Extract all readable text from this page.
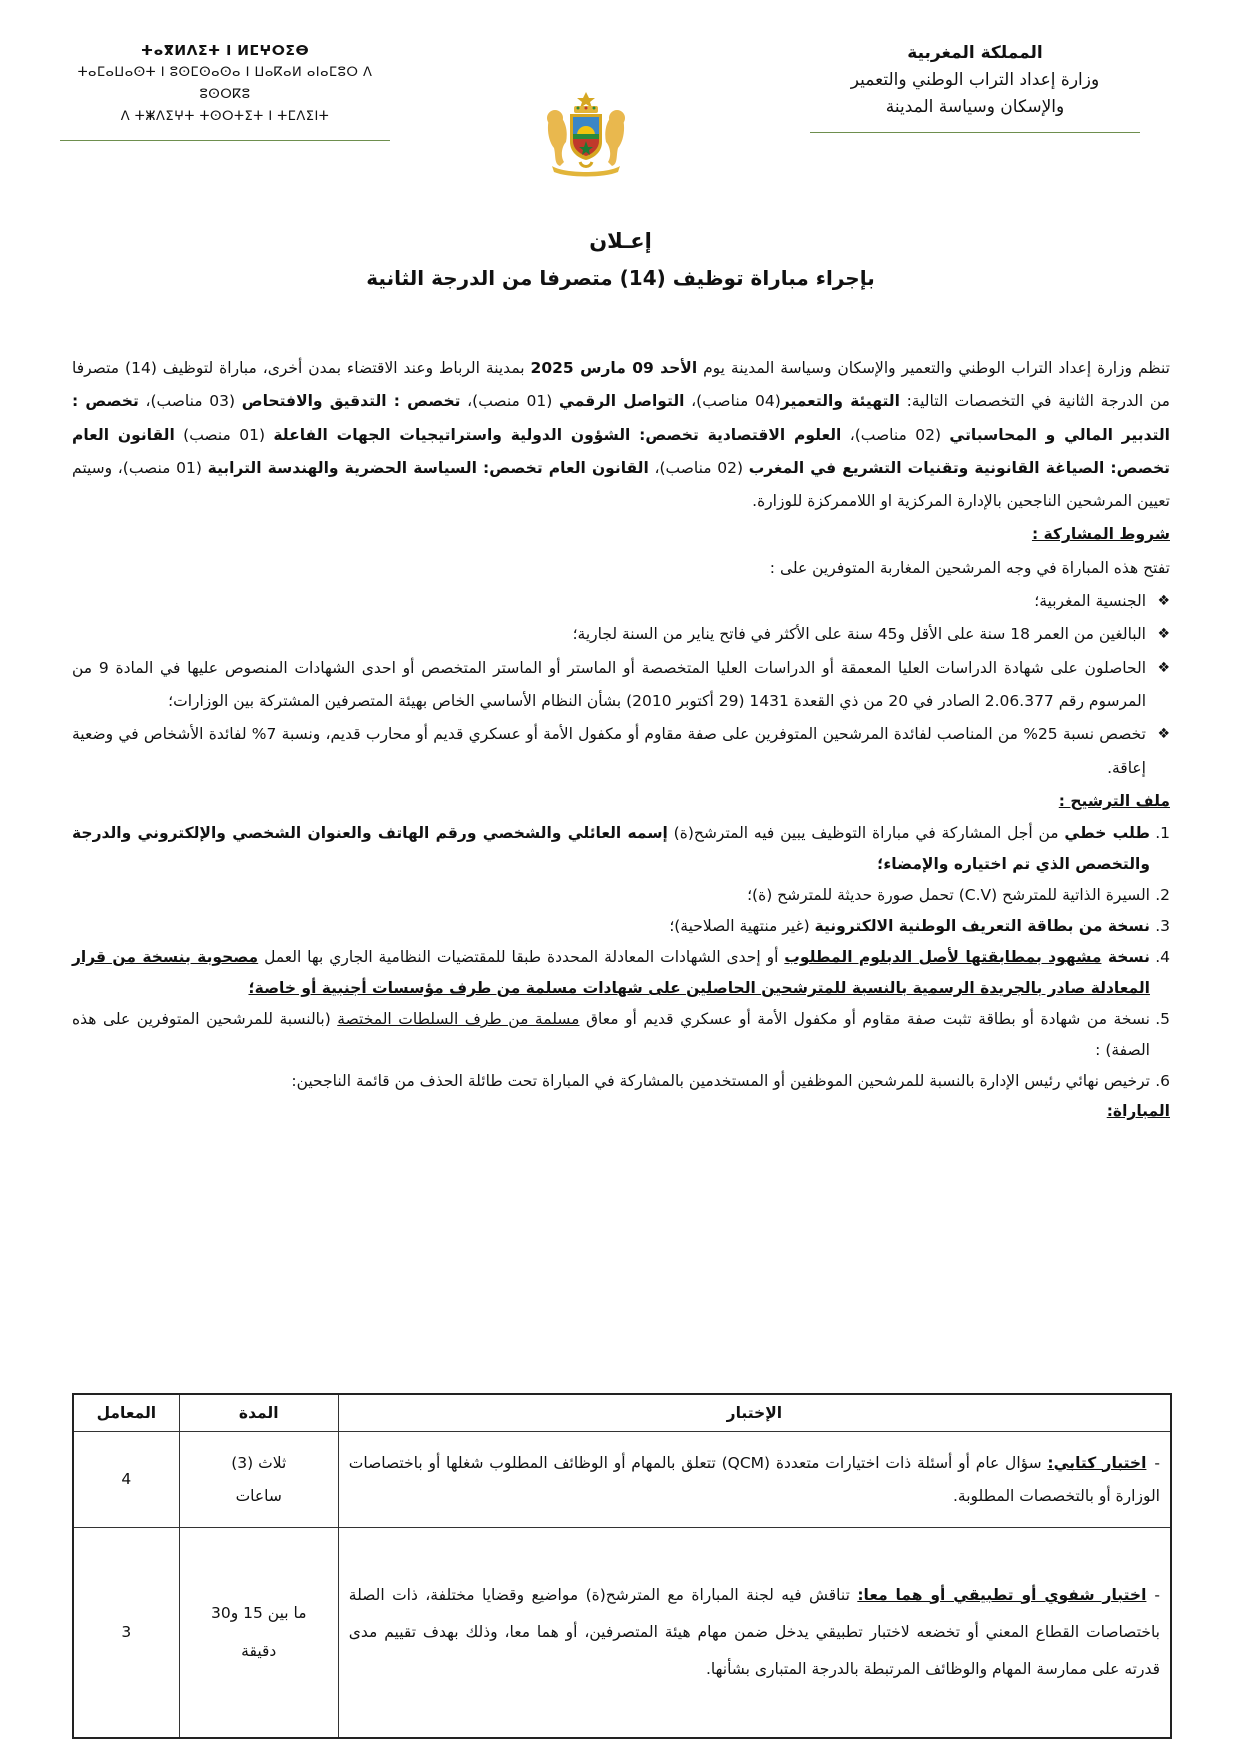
ⵜⴰⴳⵍⴷⵉⵜ ⵏ ⵍⵎⵖⵔⵉⴱ
ⵜⴰⵎⴰⵡⴰⵙⵜ ⵏ ⵓⵙⵎⵙⴰⵙⴰ ⵏ ⵡⴰⴽⴰⵍ ⴰⵏⴰⵎⵓⵔ ⴷ ⵓⵙⵔⴽⵓ
ⴷ ⵜⵥⴷⵉⵖⵜ ⵜⵙⵔⵜⵉⵜ ⵏ ⵜⵎⴷⵉⵏⵜ
المملكة المغربية
وزارة إعداد التراب الوطني والتعمير
والإسكان وسياسة المدينة
إعـلان
بإجراء مباراة توظيف (14) متصرفا من الدرجة الثانية

تنظم وزارة إعداد التراب الوطني والتعمير والإسكان وسياسة المدينة يوم الأحد 09 مارس 2025 بمدينة الرباط وعند الاقتضاء بمدن أخرى، مباراة لتوظيف (14) متصرفا من الدرجة الثانية في التخصصات التالية: التهيئة والتعمير(04 مناصب)، التواصل الرقمي (01 منصب)، تخصص : التدقيق والافتحاص (03 مناصب)، تخصص : التدبير المالي و المحاسباتي (02 مناصب)، العلوم الاقتصادية تخصص: الشؤون الدولية واستراتيجيات الجهات الفاعلة (01 منصب) القانون العام تخصص: الصياغة القانونية وتقنيات التشريع في المغرب (02 مناصب)، القانون العام تخصص: السياسة الحضرية والهندسة الترابية (01 منصب)، وسيتم تعيين المرشحين الناجحين بالإدارة المركزية او اللاممركزة للوزارة.

شروط المشاركة :

تفتح هذه المباراة في وجه المرشحين المغاربة المتوفرين على :

❖
الجنسية المغربية؛
❖
البالغين من العمر 18 سنة على الأقل و45 سنة على الأكثر في فاتح يناير من السنة لجارية؛
❖
الحاصلون على شهادة الدراسات العليا المعمقة أو الدراسات العليا المتخصصة أو الماستر أو الماستر المتخصص أو احدى الشهادات المنصوص عليها في المادة 9 من المرسوم رقم 2.06.377 الصادر في 20 من ذي القعدة 1431 (29 أكتوبر 2010) بشأن النظام الأساسي الخاص بهيئة المتصرفين المشتركة بين الوزارات؛
❖
تخصص نسبة 25% من المناصب لفائدة المرشحين المتوفرين على صفة مقاوم أو مكفول الأمة أو عسكري قديم أو محارب قديم، ونسبة 7% لفائدة الأشخاص في وضعية إعاقة.

ملف الترشيح :

1.
طلب خطي من أجل المشاركة في مباراة التوظيف يبين فيه المترشح(ة) إسمه العائلي والشخصي ورقم الهاتف والعنوان الشخصي والإلكتروني والدرجة والتخصص الذي تم اختياره والإمضاء؛
2.
السيرة الذاتية للمترشح (C.V) تحمل صورة حديثة للمترشح (ة)؛
3.
نسخة من بطاقة التعريف الوطنية الالكترونية (غير منتهية الصلاحية)؛
4.
نسخة مشهود بمطابقتها لأصل الدبلوم المطلوب أو إحدى الشهادات المعادلة المحددة طبقا للمقتضيات النظامية الجاري بها العمل مصحوبة بنسخة من قرار المعادلة صادر بالجريدة الرسمية بالنسبة للمترشحين الحاصلين على شهادات مسلمة من طرف مؤسسات أجنبية أو خاصة؛
5.
نسخة من شهادة أو بطاقة تثبت صفة مقاوم أو مكفول الأمة أو عسكري قديم أو معاق مسلمة من طرف السلطات المختصة (بالنسبة للمرشحين المتوفرين على هذه الصفة) :
6.
ترخيص نهائي رئيس الإدارة بالنسبة للمرشحين الموظفين أو المستخدمين بالمشاركة في المباراة تحت طائلة الحذف من قائمة الناجحين:

المباراة:

الإختبار	المدة	المعامل
-اختبار كتابي: سؤال عام أو أسئلة ذات اختيارات متعددة (QCM) تتعلق بالمهام أو الوظائف المطلوب شغلها أو باختصاصات الوزارة أو بالتخصصات المطلوبة.	ثلاث (3)
ساعات	4
-اختبار شفوي أو تطبيقي أو هما معا: تناقش فيه لجنة المباراة مع المترشح(ة) مواضيع وقضايا مختلفة، ذات الصلة باختصاصات القطاع المعني أو تخضعه لاختبار تطبيقي يدخل ضمن مهام هيئة المتصرفين، أو هما معا، وذلك بهدف تقييم مدى قدرته على ممارسة المهام والوظائف المرتبطة بالدرجة المتبارى بشأنها.	ما بين 15 و30
دقيقة	3
